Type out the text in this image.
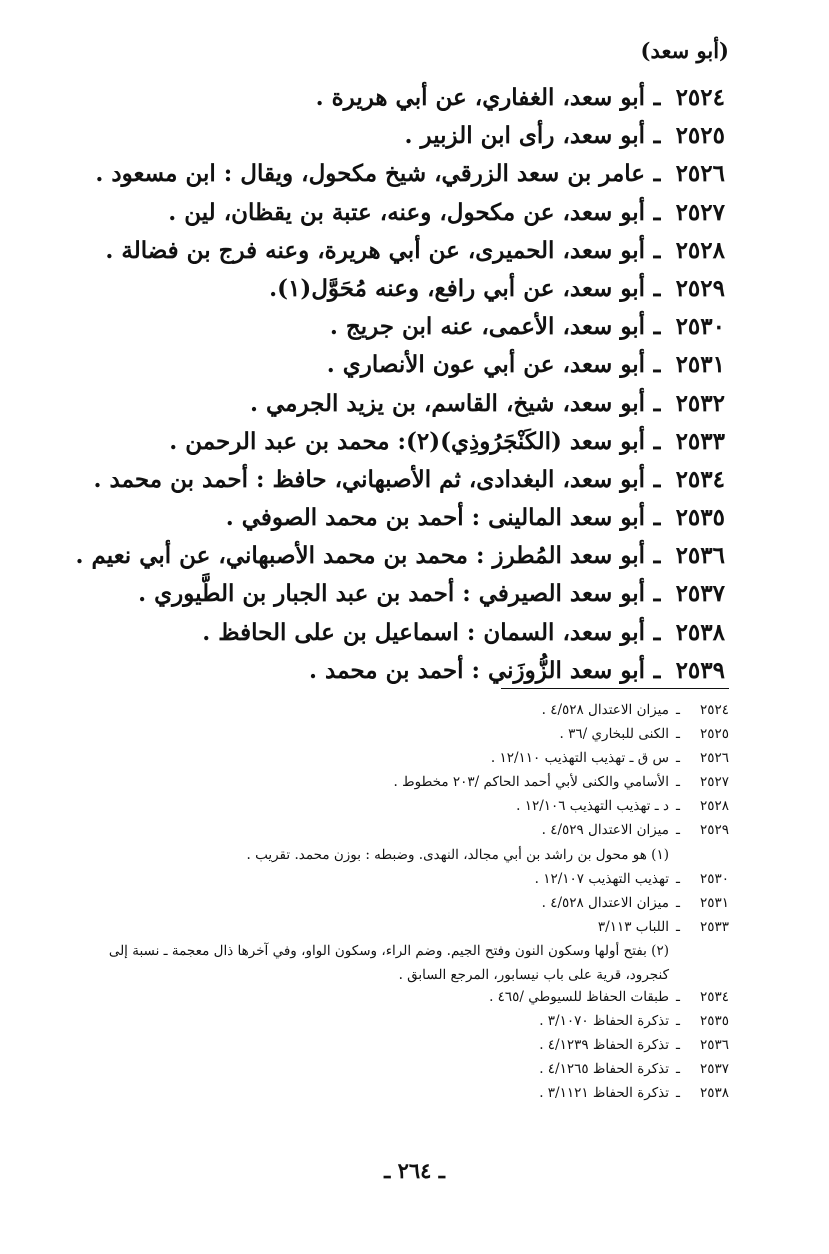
(أبو سعد)
٢٥٢٤
ـ
أبو سعد، الغفاري، عن أبي هريرة .
٢٥٢٥
ـ
أبو سعد، رأى ابن الزبير .
٢٥٢٦
ـ
عامر بن سعد الزرقي، شيخ مكحول، ويقال : ابن مسعود .
٢٥٢٧
ـ
أبو سعد، عن مكحول، وعنه، عتبة بن يقظان، لين .
٢٥٢٨
ـ
أبو سعد، الحميرى، عن أبي هريرة، وعنه فرج بن فضالة .
٢٥٢٩
ـ
أبو سعد، عن أبي رافع، وعنه مُحَوَّل(١).
٢٥٣٠
ـ
أبو سعد، الأعمى، عنه ابن جريج .
٢٥٣١
ـ
أبو سعد، عن أبي عون الأنصاري .
٢٥٣٢
ـ
أبو سعد، شيخ، القاسم، بن يزيد الجرمي .
٢٥٣٣
ـ
أبو سعد (الكَنْجَرُوذِي)(٢): محمد بن عبد الرحمن .
٢٥٣٤
ـ
أبو سعد، البغدادى، ثم الأصبهاني، حافظ : أحمد بن محمد .
٢٥٣٥
ـ
أبو سعد المالينى : أحمد بن محمد الصوفي .
٢٥٣٦
ـ
أبو سعد المُطرز : محمد بن محمد الأصبهاني، عن أبي نعيم .
٢٥٣٧
ـ
أبو سعد الصيرفي : أحمد بن عبد الجبار بن الطَّيوري .
٢٥٣٨
ـ
أبو سعد، السمان : اسماعيل بن على الحافظ .
٢٥٣٩
ـ
أبو سعد الزُّوزَني : أحمد بن محمد .
٢٥٢٤
ـ
ميزان الاعتدال ٤/٥٢٨ .
٢٥٢٥
ـ
الكنى للبخاري /٣٦ .
٢٥٢٦
ـ
س ق ـ تهذيب التهذيب ١٢/١١٠ .
٢٥٢٧
ـ
الأسامي والكنى لأبي أحمد الحاكم /٢٠٣ مخطوط .
٢٥٢٨
ـ
د ـ تهذيب التهذيب ١٢/١٠٦ .
٢٥٢٩
ـ
ميزان الاعتدال ٤/٥٢٩ .
(١) هو محول بن راشد بن أبي مجالد، النهدى. وضبطه : بوزن محمد. تقريب .
٢٥٣٠
ـ
تهذيب التهذيب ١٢/١٠٧ .
٢٥٣١
ـ
ميزان الاعتدال ٤/٥٢٨ .
٢٥٣٣
ـ
اللباب ٣/١١٣
(٢) بفتح أولها وسكون النون وفتح الجيم. وضم الراء، وسكون الواو، وفي آخرها ذال معجمة ـ نسبة إلى
كنجرود، قرية على باب نيسابور، المرجع السابق .
٢٥٣٤
ـ
طبقات الحفاظ للسيوطي /٤٦٥ .
٢٥٣٥
ـ
تذكرة الحفاظ ٣/١٠٧٠ .
٢٥٣٦
ـ
تذكرة الحفاظ ٤/١٢٣٩ .
٢٥٣٧
ـ
تذكرة الحفاظ ٤/١٢٦٥ .
٢٥٣٨
ـ
تذكرة الحفاظ ٣/١١٢١ .
ـ ٢٦٤ ـ
